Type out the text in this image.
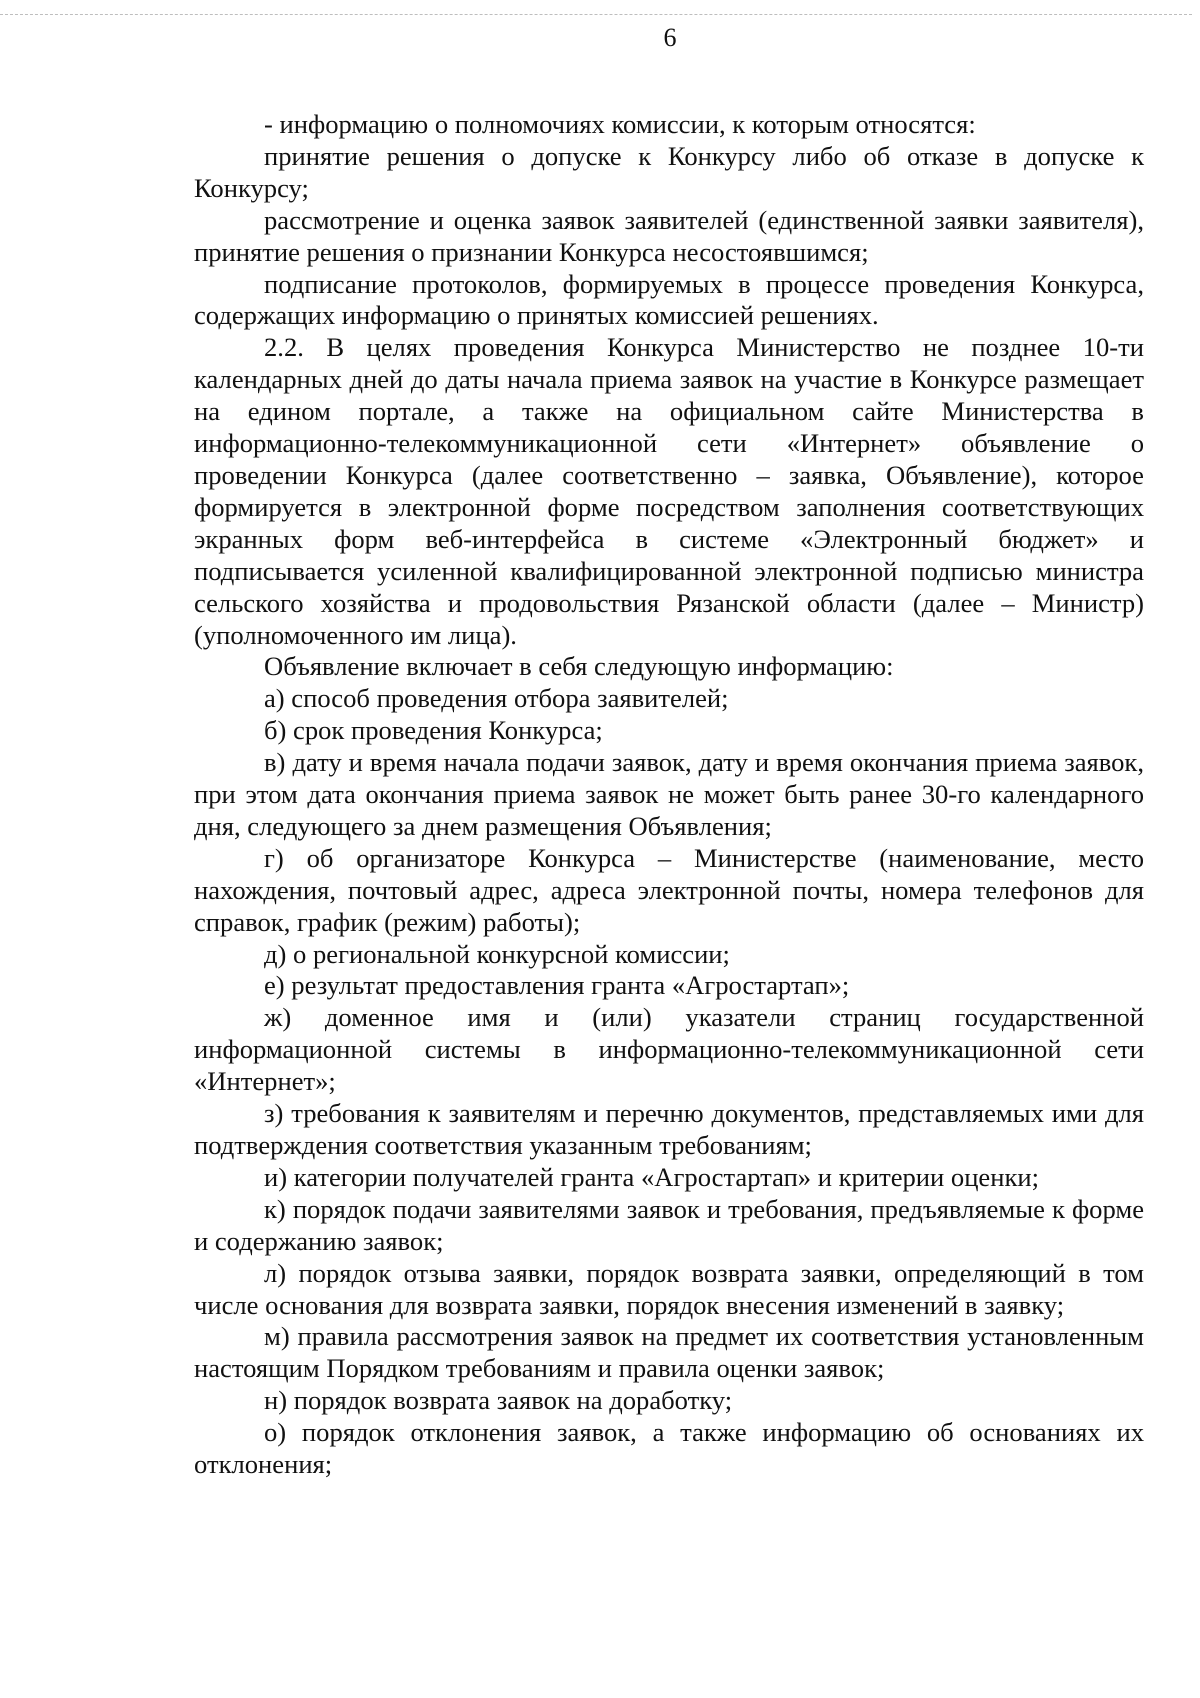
6

- информацию о полномочиях комиссии, к которым относятся:

принятие решения о допуске к Конкурсу либо об отказе в допуске к Конкурсу;

рассмотрение и оценка заявок заявителей (единственной заявки заявителя), принятие решения о признании Конкурса несостоявшимся;

подписание протоколов, формируемых в процессе проведения Конкурса, содержащих информацию о принятых комиссией решениях.

2.2. В целях проведения Конкурса Министерство не позднее 10-ти календарных дней до даты начала приема заявок на участие в Конкурсе размещает на едином портале, а также на официальном сайте Министерства в информационно-телекоммуникационной сети «Интернет» объявление о проведении Конкурса (далее соответственно – заявка, Объявление), которое формируется в электронной форме посредством заполнения соответствующих экранных форм веб-интерфейса в системе «Электронный бюджет» и подписывается усиленной квалифицированной электронной подписью министра сельского хозяйства и продовольствия Рязанской области (далее – Министр) (уполномоченного им лица).

Объявление включает в себя следующую информацию:

а) способ проведения отбора заявителей;

б) срок проведения Конкурса;

в) дату и время начала подачи заявок, дату и время окончания приема заявок, при этом дата окончания приема заявок не может быть ранее 30-го календарного дня, следующего за днем размещения Объявления;

г) об организаторе Конкурса – Министерстве (наименование, место нахождения, почтовый адрес, адреса электронной почты, номера телефонов для справок, график (режим) работы);

д) о региональной конкурсной комиссии;

е) результат предоставления гранта «Агростартап»;

ж) доменное имя и (или) указатели страниц государственной информационной системы в информационно-телекоммуникационной сети «Интернет»;

з) требования к заявителям и перечню документов, представляемых ими для подтверждения соответствия указанным требованиям;

и) категории получателей гранта «Агростартап» и критерии оценки;

к) порядок подачи заявителями заявок и требования, предъявляемые к форме и содержанию заявок;

л) порядок отзыва заявки, порядок возврата заявки, определяющий в том числе основания для возврата заявки, порядок внесения изменений в заявку;

м) правила рассмотрения заявок на предмет их соответствия установленным настоящим Порядком требованиям и правила оценки заявок;

н) порядок возврата заявок на доработку;

о) порядок отклонения заявок, а также информацию об основаниях их отклонения;
